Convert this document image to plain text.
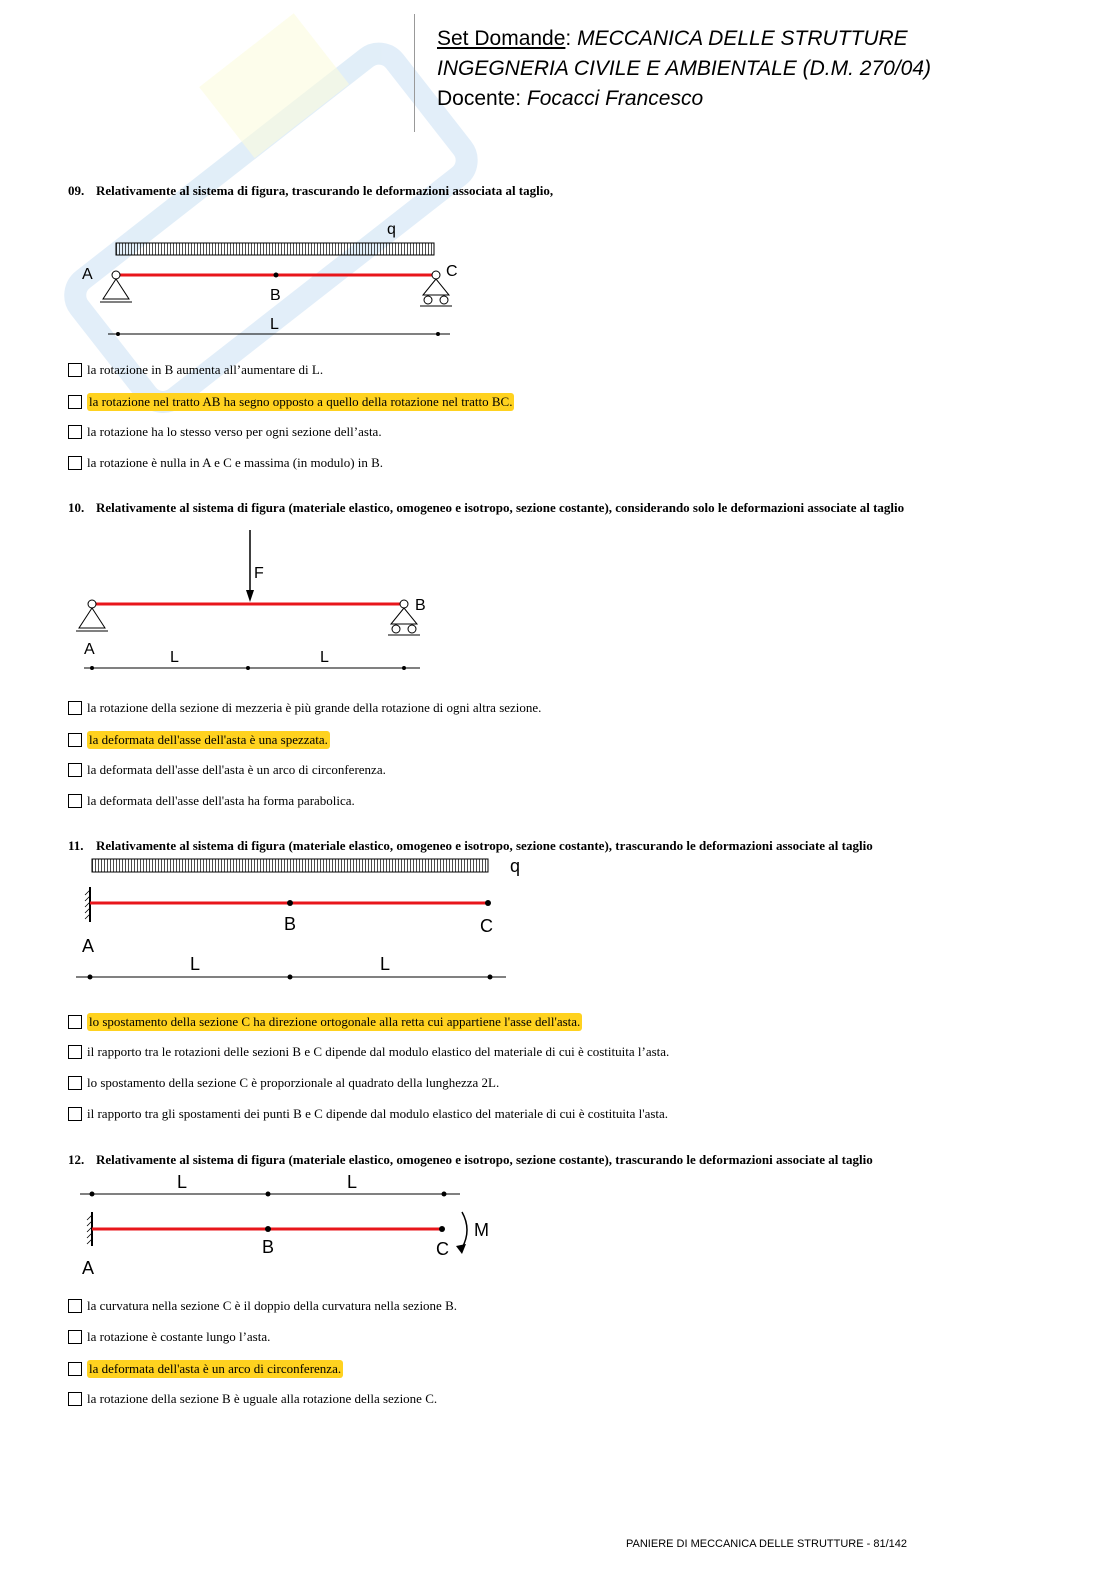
Set Domande: MECCANICA DELLE STRUTTURE
INGEGNERIA CIVILE E AMBIENTALE (D.M. 270/04)
Docente: Focacci Francesco
09. Relativamente al sistema di figura, trascurando le deformazioni associata al taglio,
q
A
B
C
L
la rotazione in B aumenta all’aumentare di L.
la rotazione nel tratto AB ha segno opposto a quello della rotazione nel tratto BC.
la rotazione ha lo stesso verso per ogni sezione dell’asta.
la rotazione è nulla in A e C e massima (in modulo) in B.
10. Relativamente al sistema di figura (materiale elastico, omogeneo e isotropo, sezione costante), considerando solo le deformazioni associate al taglio
F
A
B
L	L
la rotazione della sezione di mezzeria è più grande della rotazione di ogni altra sezione.
la deformata dell'asse dell'asta è una spezzata.
la deformata dell'asse dell'asta è un arco di circonferenza.
la deformata dell'asse dell'asta ha forma parabolica.
11. Relativamente al sistema di figura (materiale elastico, omogeneo e isotropo, sezione costante), trascurando le deformazioni associate al taglio
q
A
B	C
L	L
lo spostamento della sezione C ha direzione ortogonale alla retta cui appartiene l'asse dell'asta.
il rapporto tra le rotazioni delle sezioni B e C dipende dal modulo elastico del materiale di cui è costituita l’asta.
lo spostamento della sezione C è proporzionale al quadrato della lunghezza 2L.
il rapporto tra gli spostamenti dei punti B e C dipende dal modulo elastico del materiale di cui è costituita l'asta.
12. Relativamente al sistema di figura (materiale elastico, omogeneo e isotropo, sezione costante), trascurando le deformazioni associate al taglio
L	L
M
A
B	C
la curvatura nella sezione C è il doppio della curvatura nella sezione B.
la rotazione è costante lungo l’asta.
la deformata dell'asta è un arco di circonferenza.
la rotazione della sezione B è uguale alla rotazione della sezione C.
PANIERE DI MECCANICA DELLE STRUTTURE - 81/142
